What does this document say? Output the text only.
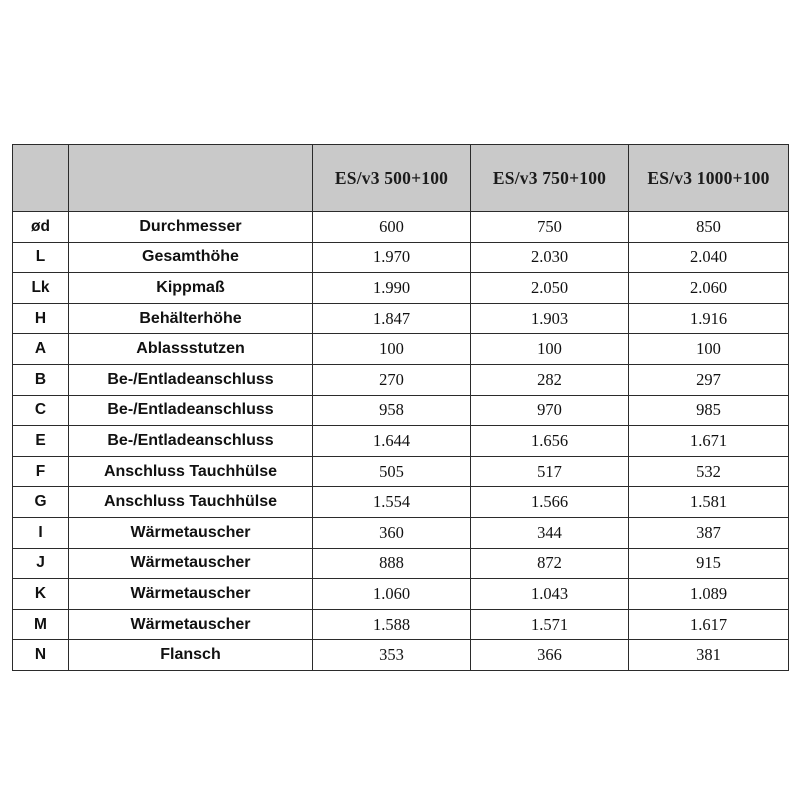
		ES/v3 500+100	ES/v3 750+100	ES/v3 1000+100
ød	Durchmesser	600	750	850
L	Gesamthöhe	1.970	2.030	2.040
Lk	Kippmaß	1.990	2.050	2.060
H	Behälterhöhe	1.847	1.903	1.916
A	Ablassstutzen	100	100	100
B	Be-/Entladeanschluss	270	282	297
C	Be-/Entladeanschluss	958	970	985
E	Be-/Entladeanschluss	1.644	1.656	1.671
F	Anschluss Tauchhülse	505	517	532
G	Anschluss Tauchhülse	1.554	1.566	1.581
I	Wärmetauscher	360	344	387
J	Wärmetauscher	888	872	915
K	Wärmetauscher	1.060	1.043	1.089
M	Wärmetauscher	1.588	1.571	1.617
N	Flansch	353	366	381
